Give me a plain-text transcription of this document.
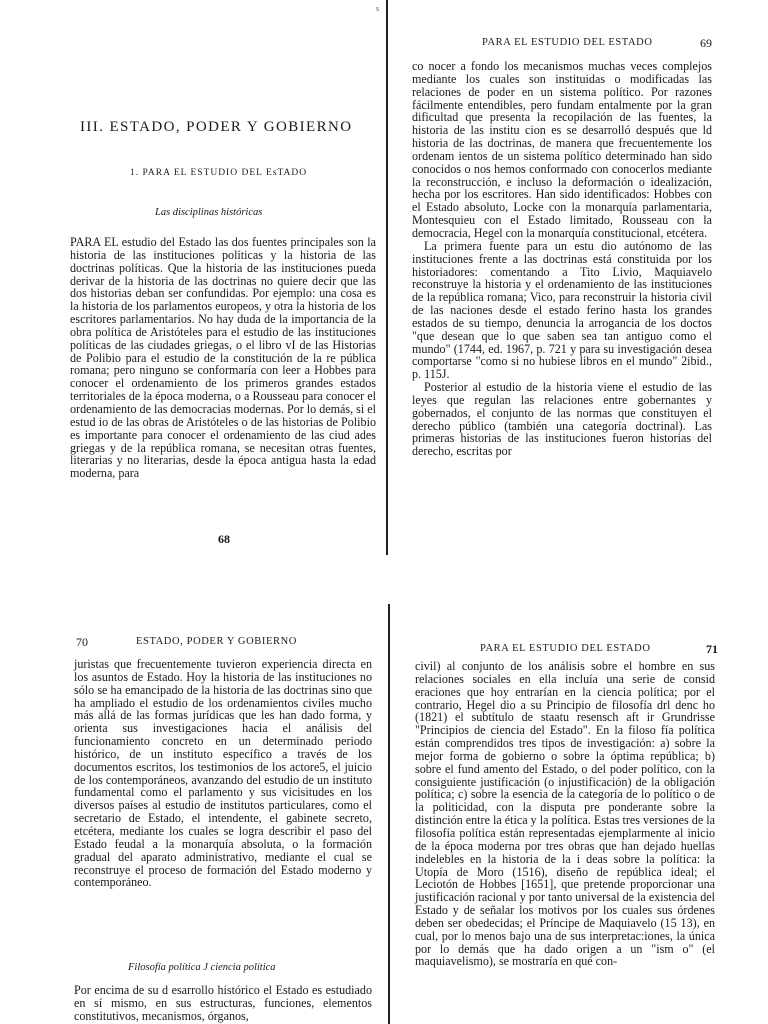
s
III. ESTADO, PODER Y GOBIERNO
1. PARA EL ESTUDIO DEL EsTADO
Las disciplinas históricas

PARA EL estudio del Estado las dos fuentes principales son la historia de las instituciones políticas y la historia de las doctrinas políticas. Que la historia de las instituciones pueda derivar de la historia de las doctrinas no quiere decir que las dos historias deban ser confundidas. Por ejemplo: una cosa es la historia de los parlamentos europeos, y otra la historia de los escritores parlamentarios. No hay duda de la importancia de la obra política de Aristóteles para el estudio de las instituciones políticas de las ciudades griegas, o el libro vI de las Historias de Polibio para el estudio de la constitución de la re pública romana; pero ninguno se conformaría con leer a Hobbes para conocer el ordenamiento de los primeros grandes estados territoriales de la época moderna, o a Rousseau para conocer el ordenamiento de las democracias modernas. Por lo demás, si el estud io de las obras de Aristóteles o de las historias de Polibio es importante para conocer el ordenamiento de las ciud ades griegas y de la república romana, se necesitan otras fuentes, literarias y no literarias, desde la época antigua hasta la edad moderna, para

68
PARA EL ESTUDIO DEL ESTADO	69

co nocer a fondo los mecanismos muchas veces complejos mediante los cuales son instituidas o modificadas las relaciones de poder en un sistema político. Por razones fácilmente entendibles, pero fundam entalmente por la gran dificultad que presenta la recopilación de las fuentes, la historia de las institu cion es se desarrolló después que ld historia de las doctrinas, de manera que frecuentemente los ordenam ientos de un sistema político determinado han sido conocidos o nos hemos conformado con conocerlos mediante la reconstrucción, e incluso la deformación o idealización, hecha por los escritores. Han sido identificados: Hobbes con el Estado absoluto, Locke con la monarquía parlamentaria, Montesquieu con el Estado limitado, Rousseau con la democracia, Hegel con la monarquía constitucional, etcétera.

La primera fuente para un estu dio autónomo de las instituciones frente a las doctrinas está constituida por los historiadores: comentando a Tito Livio, Maquiavelo reconstruye la historia y el ordenamiento de las instituciones de la república romana; Vico, para reconstruir la historia civil de las naciones desde el estado ferino hasta los grandes estados de su tiempo, denuncia la arrogancia de los doctos "que desean que lo que saben sea tan antiguo como el mundo" (1744, ed. 1967, p. 721 y para su investigación desea comportarse "como si no hubiese libros en el mundo" 2ibid., p. 115J.

Posterior al estudio de la historia viene el estudio de las leyes que regulan las relaciones entre gobernantes y gobernados, el conjunto de las normas que constituyen el derecho público (también una categoría doctrinal). Las primeras historias de las instituciones fueron historias del derecho, escritas por

70	ESTADO, PODER Y GOBIERNO

juristas que frecuentemente tuvieron experiencia directa en los asuntos de Estado. Hoy la historia de las instituciones no sólo se ha emancipado de la historia de las doctrinas sino que ha ampliado el estudio de los ordenamientos civiles mucho más allá de las formas jurídicas que les han dado forma, y orienta sus investigaciones hacia el análisis del funcionamiento concreto en un determinado periodo histórico, de un instituto específico a través de los documentos escritos, los testimonios de los actore5, el juicio de los contemporáneos, avanzando del estudio de un instituto fundamental como el parlamento y sus vicisitudes en los diversos países al estudio de institutos particulares, como el secretario de Estado, el intendente, el gabinete secreto, etcétera, mediante los cuales se logra describir el paso del Estado feudal a la monarquía absoluta, o la formación gradual del aparato administrativo, mediante el cual se reconstruye el proceso de formación del Estado moderno y contemporáneo.

Filosofía política J ciencia política

Por encima de su d esarrollo histórico el Estado es estudiado en sí mismo, en sus estructuras, funciones, elementos constitutivos, mecanismos, órganos,

PARA EL ESTUDIO DEL ESTADO	71

civil) al conjunto de los análisis sobre el hombre en sus relaciones sociales en ella incluía una serie de consid eraciones que hoy entrarían en la ciencia política; por el contrario, Hegel dio a su Principio de filosofía drl denc ho (1821) el subtítulo de staatu resensch aft ir Grundrisse "Principios de ciencia del Estado". En la filoso fía política están comprendidos tres tipos de investigación: a) sobre la mejor forma de gobierno o sobre la óptima república; b) sobre el fund amento del Estado, o del poder político, con la consiguiente justificación (o injustificación) de la obligación política; c) sobre la esencia de la categoría de lo político o de la politicidad, con la disputa pre ponderante sobre la distinción entre la ética y la política. Estas tres versiones de la filosofía política están representadas ejemplarmente al inicio de la época moderna por tres obras que han dejado huellas indelebles en la historia de la i deas sobre la política: la Utopía de Moro (1516), diseño de república ideal; el Leciotón de Hobbes [1651], que pretende proporcionar una justificación racional y por tanto universal de la existencia del Estado y de señalar los motivos por los cuales sus órdenes deben ser obedecidas; el Príncipe de Maquiavelo (15 13), en cual, por lo menos bajo una de sus interpretac:iones, la única por lo demás que ha dado origen a un "ism o" (el maquiavelismo), se mostraría en qué con-
